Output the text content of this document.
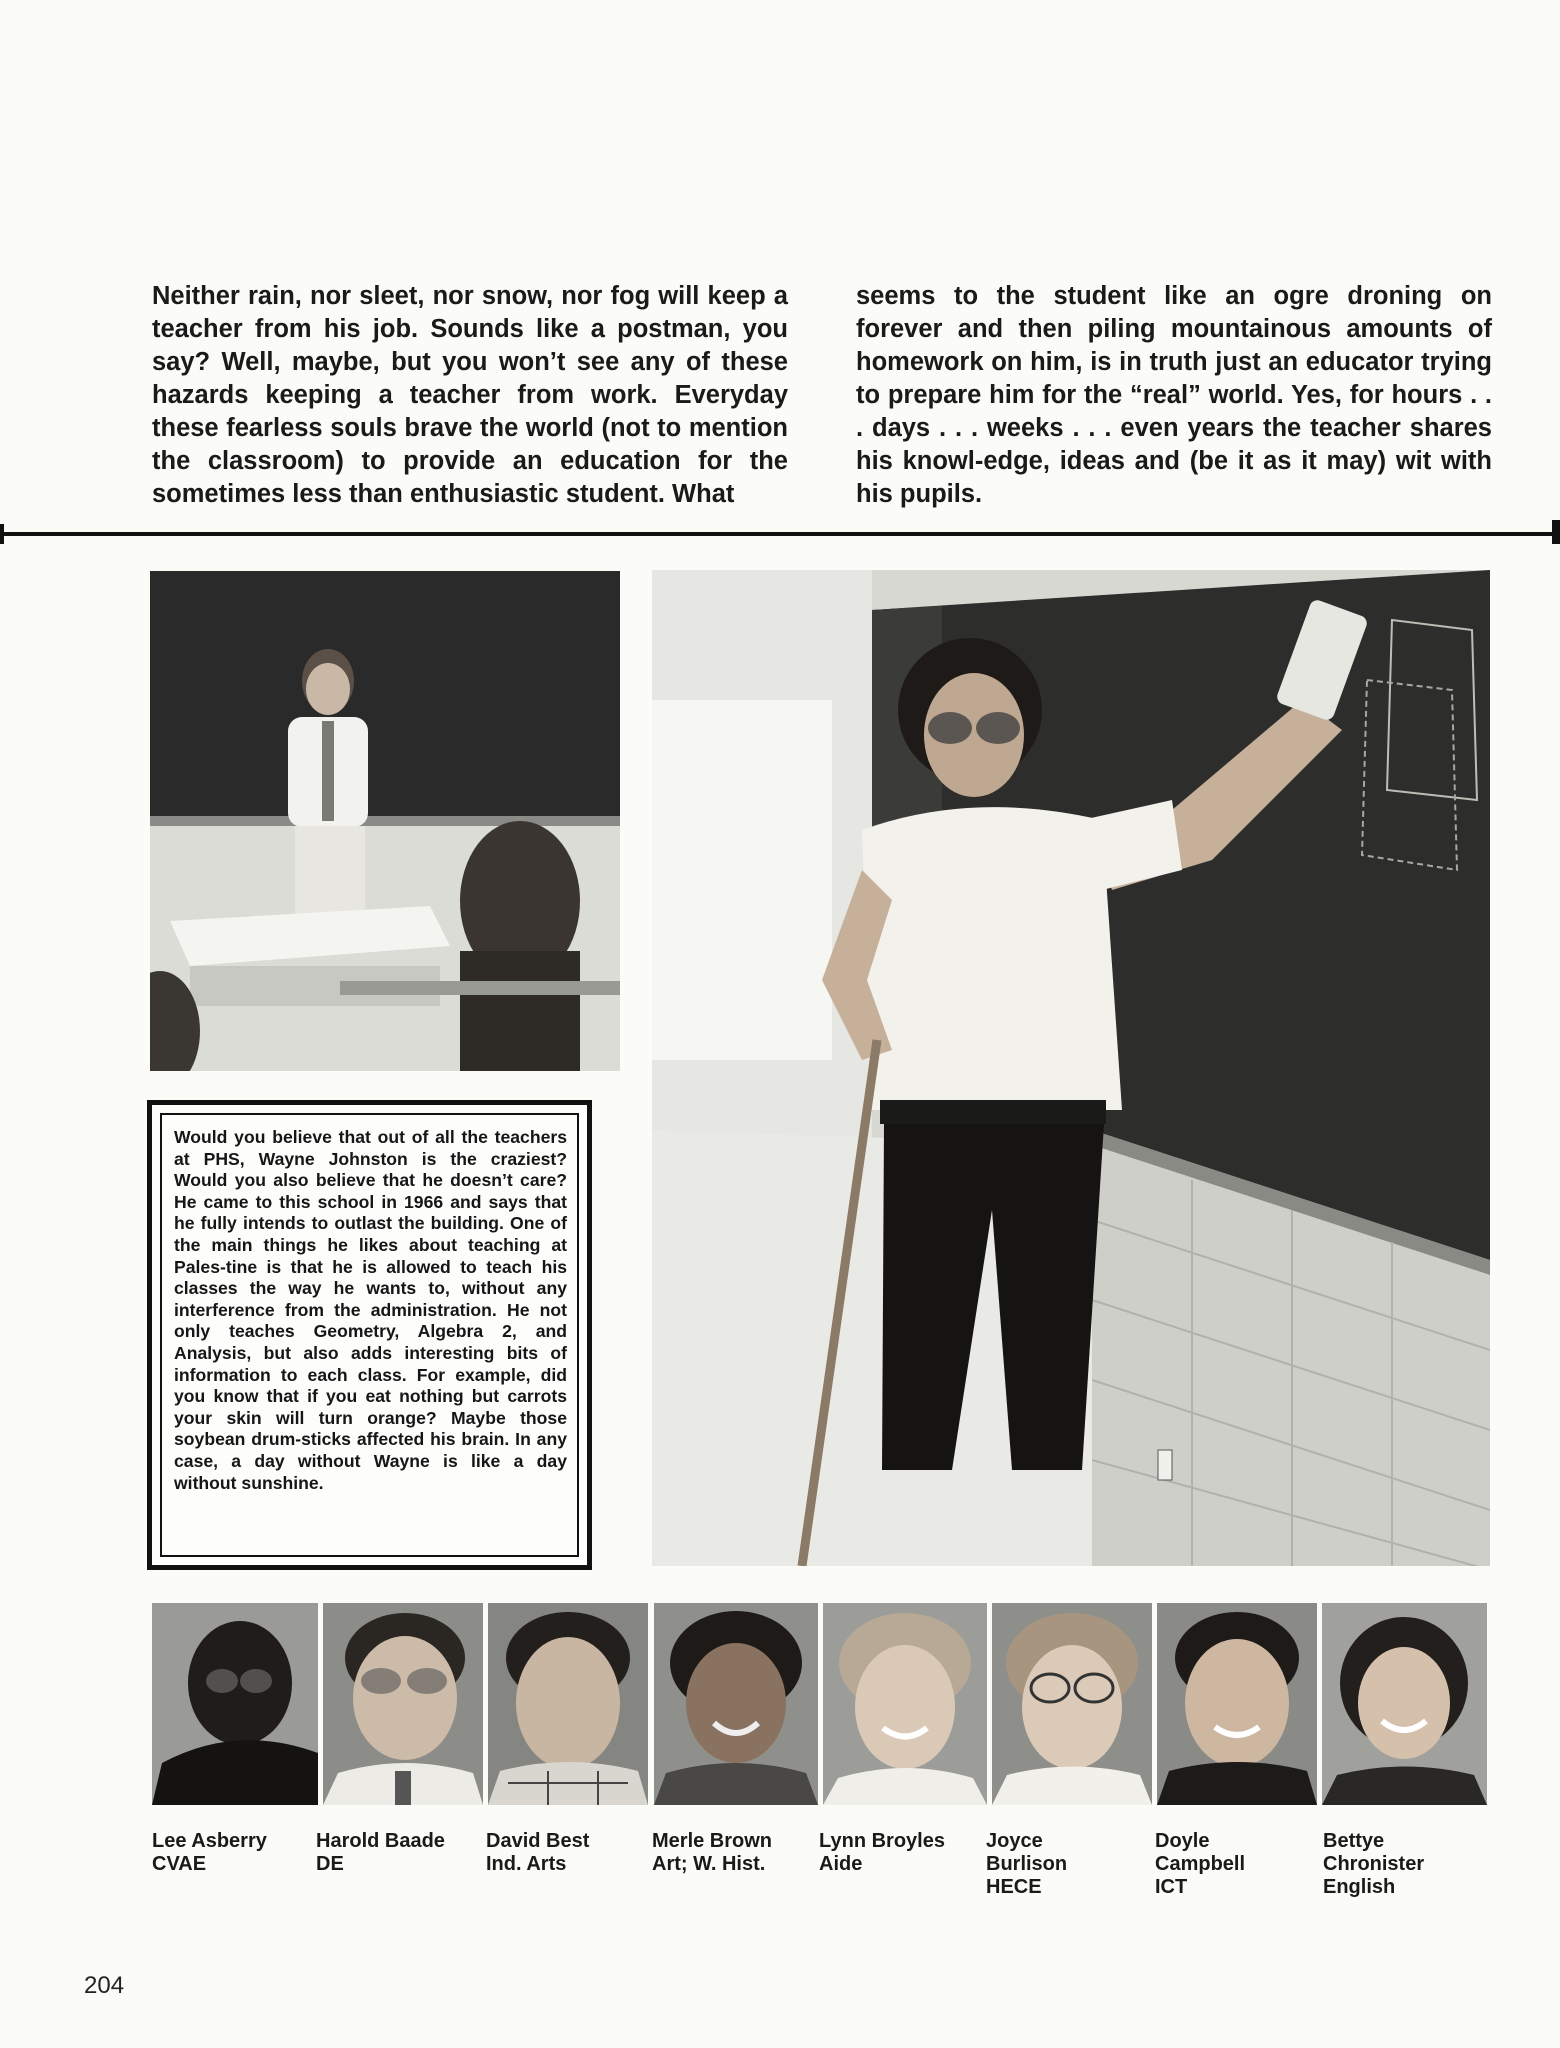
Neither rain, nor sleet, nor snow, nor fog will keep a teacher from his job. Sounds like a postman, you say? Well, maybe, but you won’t see any of these hazards keeping a teacher from work. Everyday these fearless souls brave the world (not to mention the classroom) to provide an education for the sometimes less than enthusiastic student. What

seems to the student like an ogre droning on forever and then piling mountainous amounts of homework on him, is in truth just an educator trying to prepare him for the “real” world. Yes, for hours . . . days . . . weeks . . . even years the teacher shares his knowl-edge, ideas and (be it as it may) wit with his pupils.

Would you believe that out of all the teachers at PHS, Wayne Johnston is the craziest? Would you also believe that he doesn’t care? He came to this school in 1966 and says that he fully intends to outlast the building. One of the main things he likes about teaching at Pales-tine is that he is allowed to teach his classes the way he wants to, without any interference from the administration. He not only teaches Geometry, Algebra 2, and Analysis, but also adds interesting bits of information to each class. For example, did you know that if you eat nothing but carrots your skin will turn orange? Maybe those soybean drum-sticks affected his brain. In any case, a day without Wayne is like a day without sunshine.

Lee Asberry
CVAE
Harold Baade
DE
David Best
Ind. Arts
Merle Brown
Art; W. Hist.
Lynn Broyles
Aide
Joyce
Burlison
HECE
Doyle
Campbell
ICT
Bettye
Chronister
English
204
